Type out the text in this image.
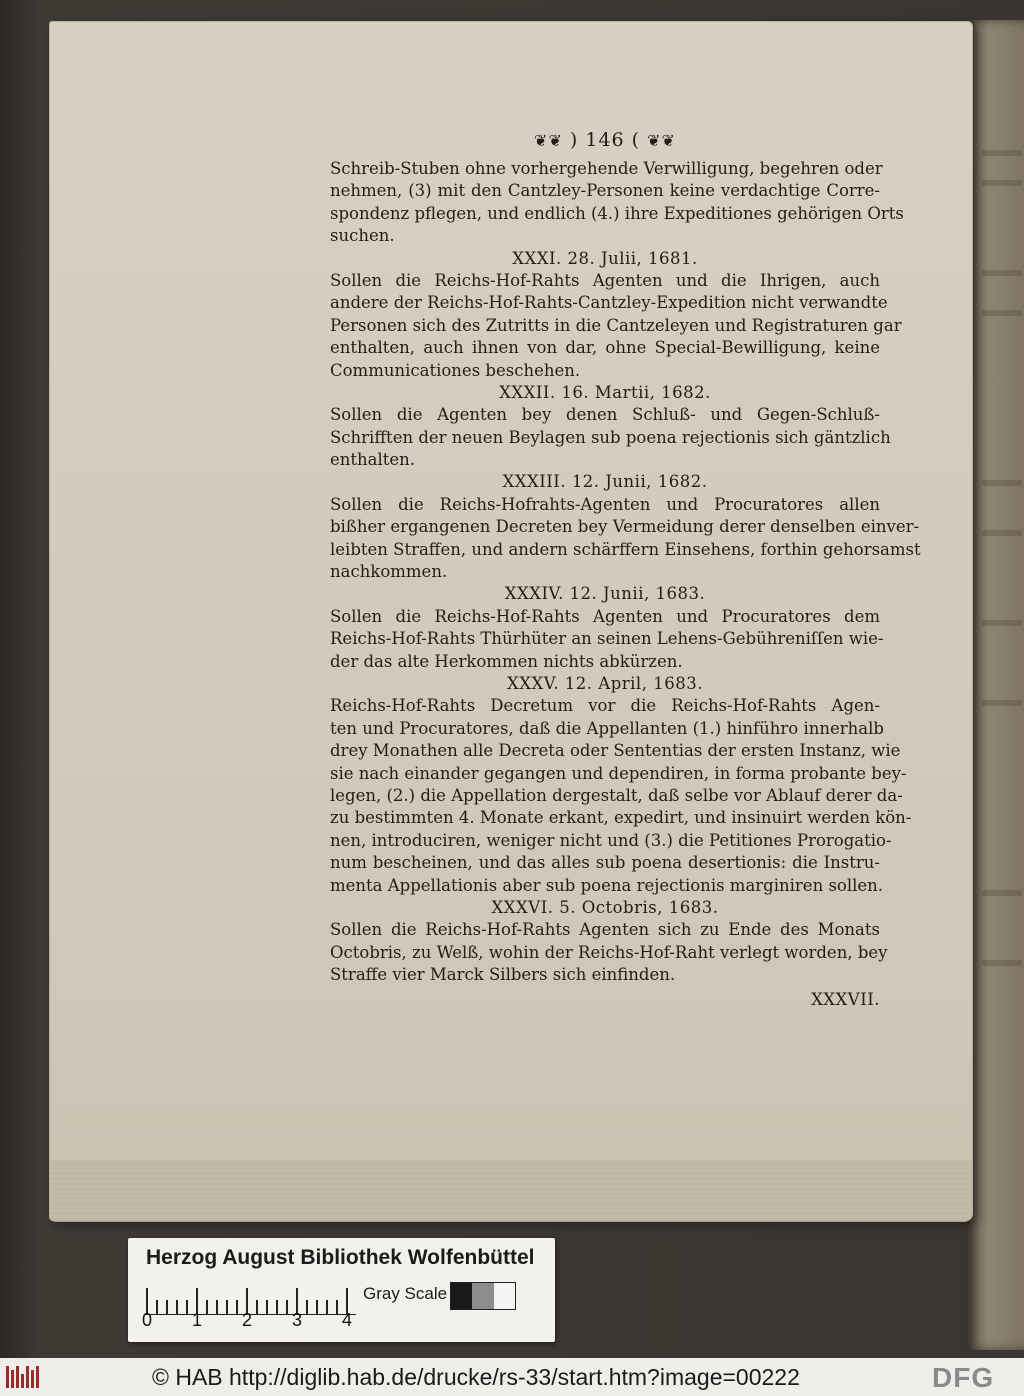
❦❦ ) 146 ( ❦❦
Schreib-Stuben ohne vorhergehende Verwilligung, begehren oder
nehmen, (3) mit den Cantzley-Personen keine verdachtige Corre-
spondenz pflegen, und endlich (4.) ihre Expeditiones gehörigen Orts
suchen.
XXXI. 28. Julii, 1681.
Sollen die Reichs-Hof-Rahts Agenten und die Ihrigen, auch
andere der Reichs-Hof-Rahts-Cantzley-Expedition nicht verwandte
Personen sich des Zutritts in die Cantzeleyen und Registraturen gar
enthalten, auch ihnen von dar, ohne Special-Bewilligung, keine
Communicationes beschehen.
XXXII. 16. Martii, 1682.
Sollen die Agenten bey denen Schluß- und Gegen-Schluß-
Schrifften der neuen Beylagen sub poena rejectionis sich gäntzlich
enthalten.
XXXIII. 12. Junii, 1682.
Sollen die Reichs-Hofrahts-Agenten und Procuratores allen
bißher ergangenen Decreten bey Vermeidung derer denselben einver-
leibten Straffen, und andern schärffern Einsehens, forthin gehorsamst
nachkommen.
XXXIV. 12. Junii, 1683.
Sollen die Reichs-Hof-Rahts Agenten und Procuratores dem
Reichs-Hof-Rahts Thürhüter an seinen Lehens-Gebühreniſſen wie-
der das alte Herkommen nichts abkürzen.
XXXV. 12. April, 1683.
Reichs-Hof-Rahts Decretum vor die Reichs-Hof-Rahts Agen-
ten und Procuratores, daß die Appellanten (1.) hinführo innerhalb
drey Monathen alle Decreta oder Sententias der ersten Instanz, wie
sie nach einander gegangen und dependiren, in forma probante bey-
legen, (2.) die Appellation dergestalt, daß selbe vor Ablauf derer da-
zu bestimmten 4. Monate erkant, expedirt, und insinuirt werden kön-
nen, introduciren, weniger nicht und (3.) die Petitiones Prorogatio-
num bescheinen, und das alles sub poena desertionis: die Instru-
menta Appellationis aber sub poena rejectionis marginiren sollen.
XXXVI. 5. Octobris, 1683.
Sollen die Reichs-Hof-Rahts Agenten sich zu Ende des Monats
Octobris, zu Welß, wohin der Reichs-Hof-Raht verlegt worden, bey
Straffe vier Marck Silbers sich einfinden.
XXXVII.
Herzog August Bibliothek Wolfenbüttel
0 1 2 3 4
Gray Scale
© HAB http://diglib.hab.de/drucke/rs-33/start.htm?image=00222	DFG
